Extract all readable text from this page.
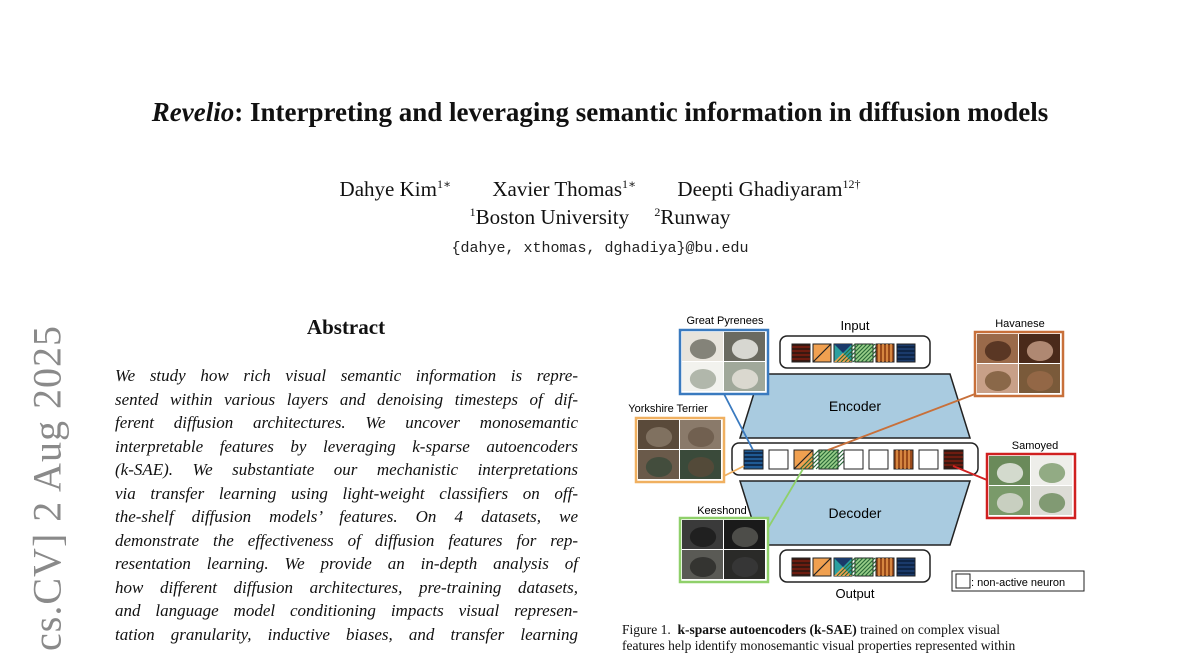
cs.CV] 2 Aug 2025
Revelio: Interpreting and leveraging semantic information in diffusion models
Dahye Kim$^{1∗}$ Xavier Thomas$^{1∗}$ Deepti Ghadiyaram$^{12\dagger}$
$^1$Boston University $^2$Runway
{dahye, xthomas, dghadiya}@bu.edu
Abstract
We study how rich visual semantic information is repre-
sented within various layers and denoising timesteps of dif-
ferent diffusion architectures. We uncover monosemantic
interpretable features by leveraging k-sparse autoencoders
(k-SAE). We substantiate our mechanistic interpretations
via transfer learning using light-weight classifiers on off-
the-shelf diffusion models’ features. On 4 datasets, we
demonstrate the effectiveness of diffusion features for rep-
resentation learning. We provide an in-depth analysis of
how different diffusion architectures, pre-training datasets,
and language model conditioning impacts visual represen-
tation granularity, inductive biases, and transfer learning
Input
Encoder
Decoder
Output
Great Pyrenees	Havanese
Yorkshire Terrier
Samoyed
Keeshond
: non-active neuron
Figure 1. k-sparse autoencoders (k-SAE) trained on complex visual
features help identify monosemantic visual properties represented within
